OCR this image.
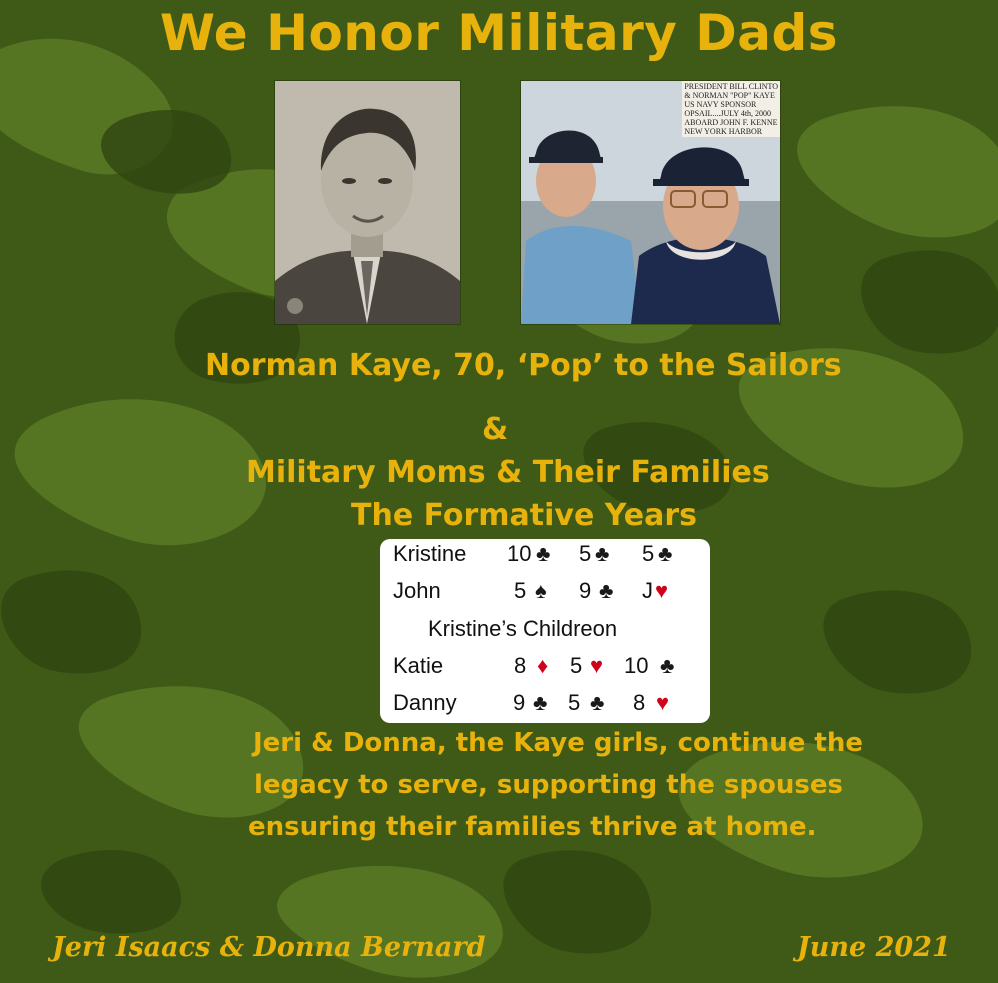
We Honor Military Dads
PRESIDENT BILL CLINTO
& NORMAN "POP" KAYE
US NAVY SPONSOR
OPSAIL....JULY 4th, 2000
ABOARD JOHN F. KENNE
NEW YORK HARBOR
Norman Kaye, 70, ‘Pop’ to the Sailors
&
Military Moms & Their Families
The Formative Years
Kristine 10 ♣ 5 ♣ 5 ♣
John	5 ♠ 9 ♣ J ♥
Kristine’s Childreon
Katie	8 ♦ 5 ♥ 10 ♣
Danny	9 ♣ 5 ♣ 8 ♥
Jeri & Donna, the Kaye girls, continue the
legacy to serve, supporting the spouses
ensuring their families thrive at home.
Jeri Isaacs & Donna Bernard	June 2021
